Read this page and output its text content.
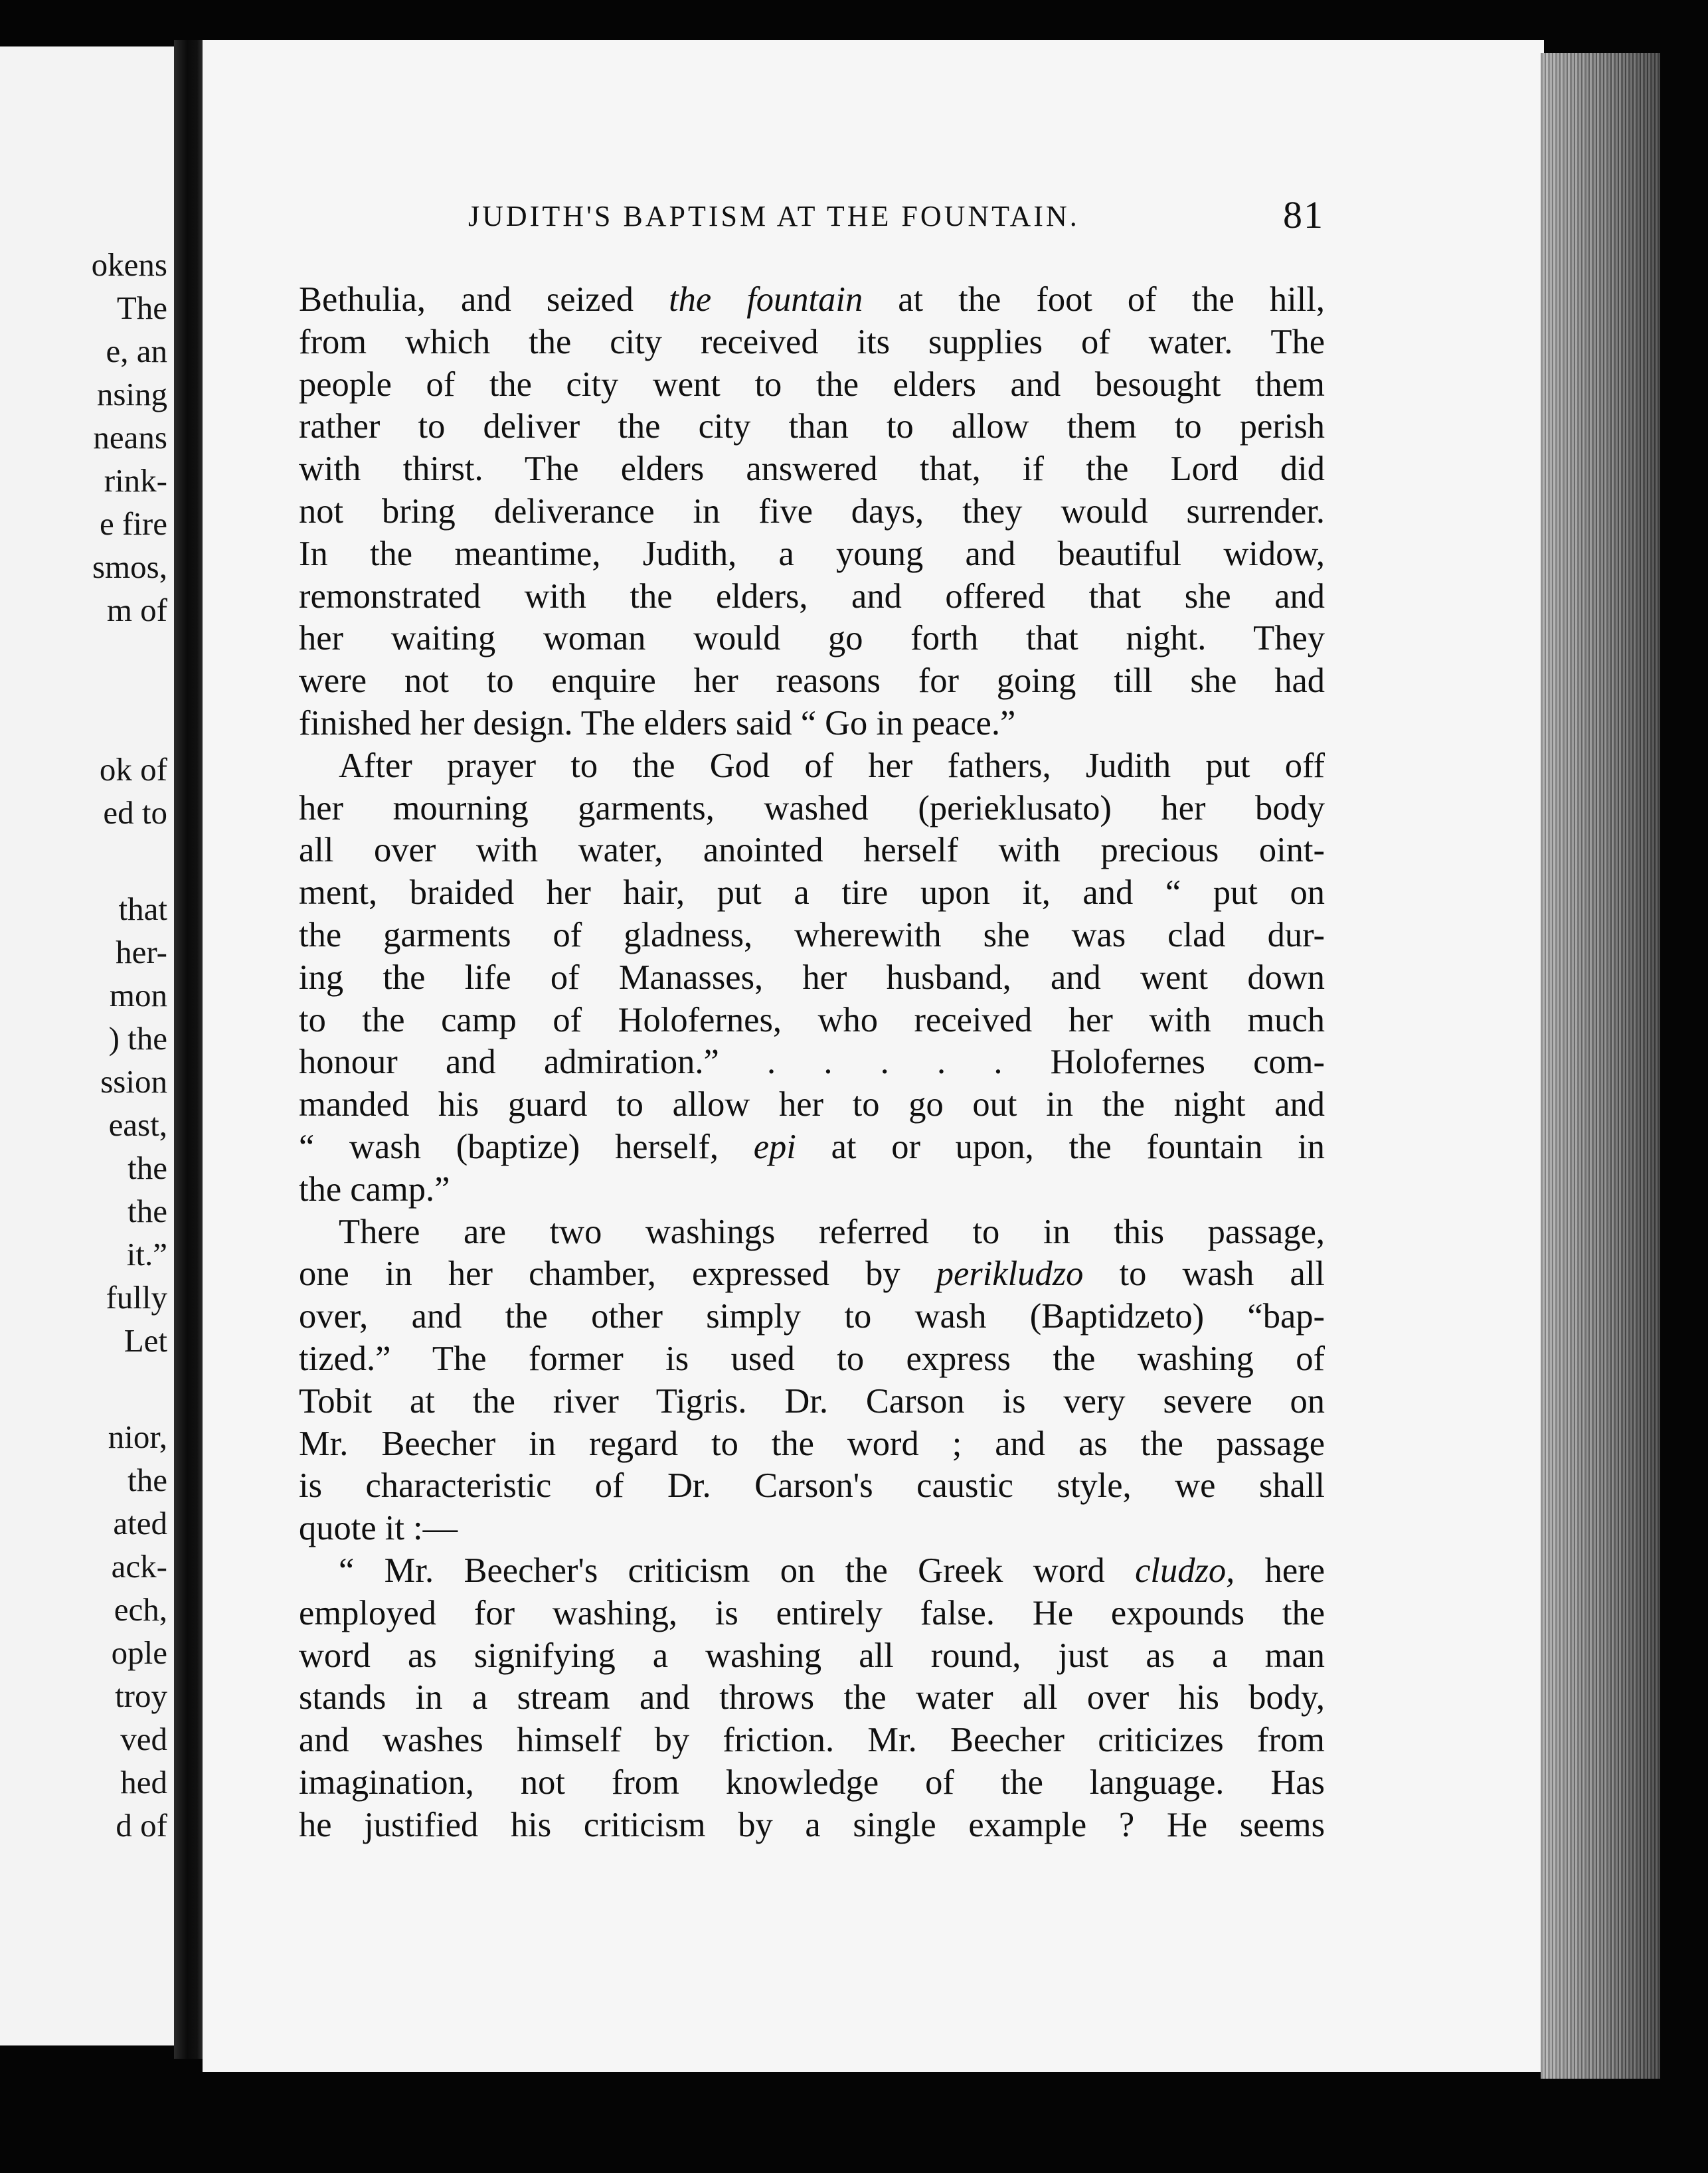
okens
The
e, an
nsing
neans
rink-
e fire
smos,
m of
ok of
ed to
that
her-
mon
) the
ssion
east,
the
the
it.”
fully
Let
nior,
the
ated
ack-
ech,
ople
troy
ved
hed
d of
JUDITH'S BAPTISM AT THE FOUNTAIN.	81
Bethulia, and seized the fountain at the foot of the hill,
from which the city received its supplies of water. The
people of the city went to the elders and besought them
rather to deliver the city than to allow them to perish
with thirst. The elders answered that, if the Lord did
not bring deliverance in five days, they would surrender.
In the meantime, Judith, a young and beautiful widow,
remonstrated with the elders, and offered that she and
her waiting woman would go forth that night. They
were not to enquire her reasons for going till she had
finished her design. The elders said “ Go in peace.”
After prayer to the God of her fathers, Judith put off
her mourning garments, washed (perieklusato) her body
all over with water, anointed herself with precious oint-
ment, braided her hair, put a tire upon it, and “ put on
the garments of gladness, wherewith she was clad dur-
ing the life of Manasses, her husband, and went down
to the camp of Holofernes, who received her with much
honour and admiration.” . . . . . Holofernes com-
manded his guard to allow her to go out in the night and
“ wash (baptize) herself, epi at or upon, the fountain in
the camp.”
There are two washings referred to in this passage,
one in her chamber, expressed by perikludzo to wash all
over, and the other simply to wash (Baptidzeto) “bap-
tized.” The former is used to express the washing of
Tobit at the river Tigris. Dr. Carson is very severe on
Mr. Beecher in regard to the word ; and as the passage
is characteristic of Dr. Carson's caustic style, we shall
quote it :—
“ Mr. Beecher's criticism on the Greek word cludzo, here
employed for washing, is entirely false. He expounds the
word as signifying a washing all round, just as a man
stands in a stream and throws the water all over his body,
and washes himself by friction. Mr. Beecher criticizes from
imagination, not from knowledge of the language. Has
he justified his criticism by a single example ? He seems
